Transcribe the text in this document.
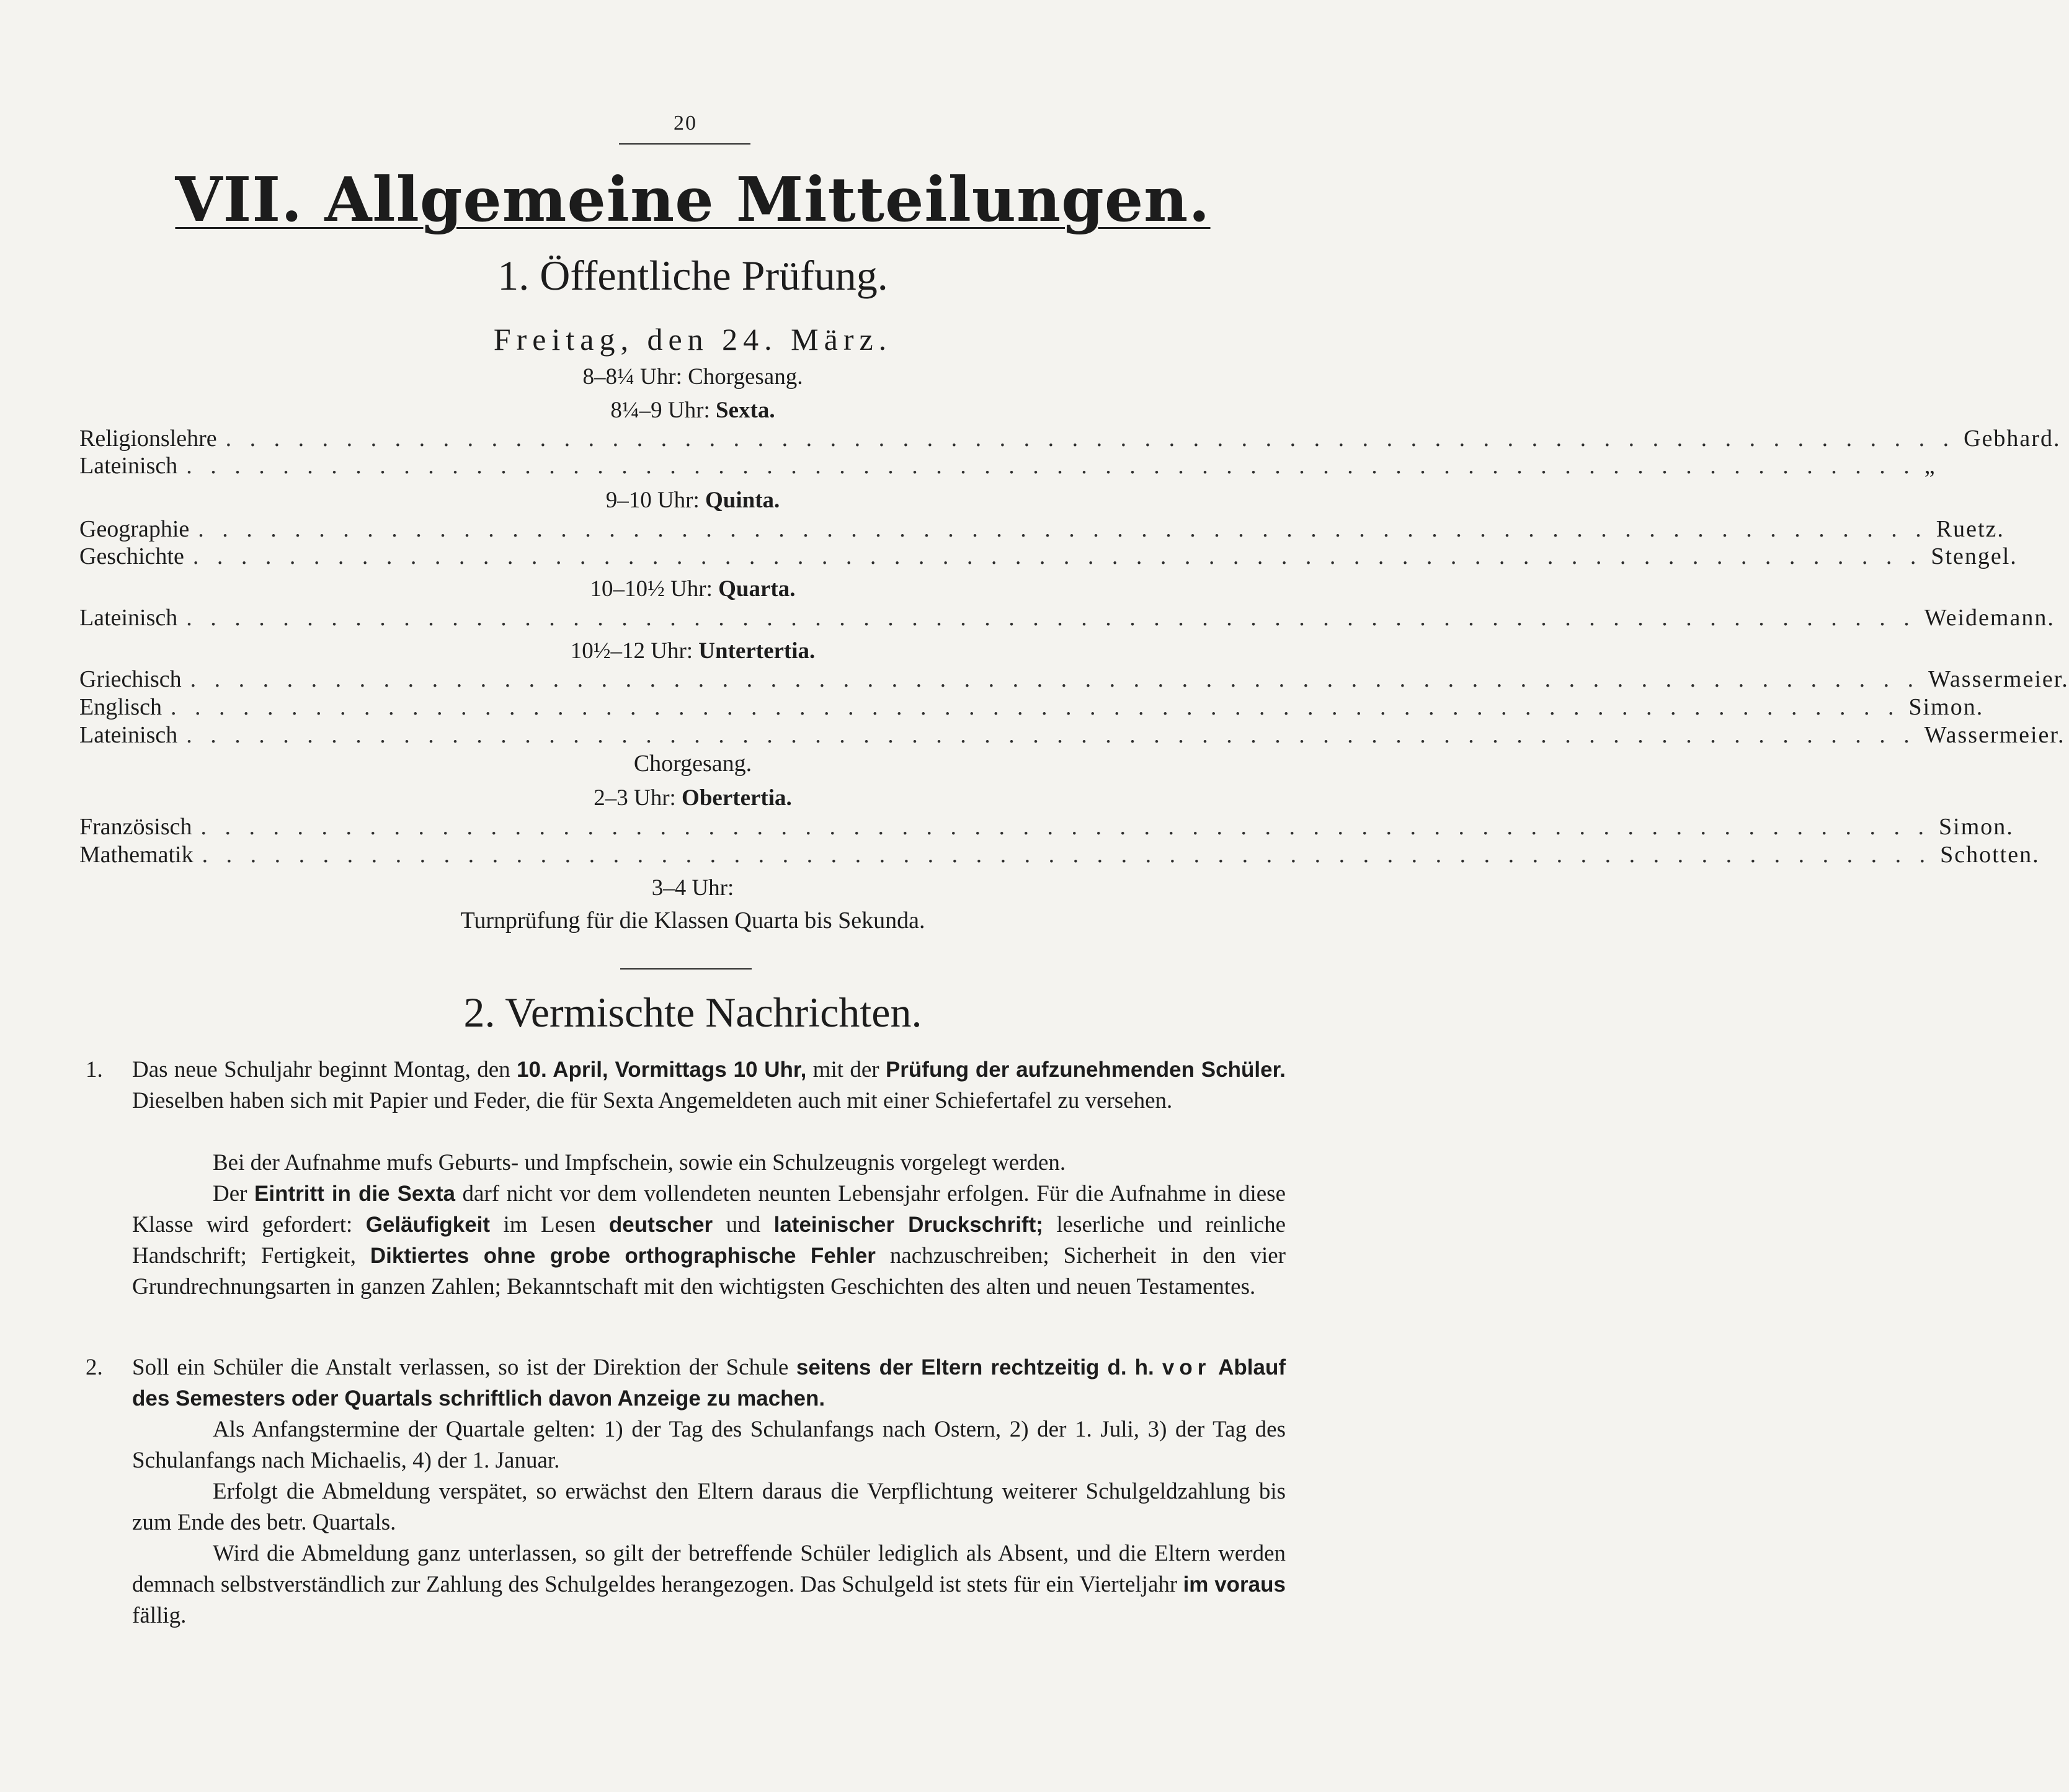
20
VII. Allgemeine Mitteilungen.
1. Öffentliche Prüfung.
Freitag, den 24. März.
8–8¼ Uhr: Chorgesang.
8¼–9 Uhr: Sexta.
Religionslehre . . . . . . . . . . . . . . . . . . . . . . . . . . . . . . . . . . . . . . . . . . . . . . . . . . . . . . . . . . . . . . . . . . . . . . . . Gebhard.
Lateinisch . . . . . . . . . . . . . . . . . . . . . . . . . . . . . . . . . . . . . . . . . . . . . . . . . . . . . . . . . . . . . . . . . . . . . . . . „
9–10 Uhr: Quinta.
Geographie . . . . . . . . . . . . . . . . . . . . . . . . . . . . . . . . . . . . . . . . . . . . . . . . . . . . . . . . . . . . . . . . . . . . . . . . Ruetz.
Geschichte . . . . . . . . . . . . . . . . . . . . . . . . . . . . . . . . . . . . . . . . . . . . . . . . . . . . . . . . . . . . . . . . . . . . . . . . Stengel.
10–10½ Uhr: Quarta.
Lateinisch . . . . . . . . . . . . . . . . . . . . . . . . . . . . . . . . . . . . . . . . . . . . . . . . . . . . . . . . . . . . . . . . . . . . . . . . Weidemann.
10½–12 Uhr: Untertertia.
Griechisch . . . . . . . . . . . . . . . . . . . . . . . . . . . . . . . . . . . . . . . . . . . . . . . . . . . . . . . . . . . . . . . . . . . . . . . . Wassermeier.
Englisch . . . . . . . . . . . . . . . . . . . . . . . . . . . . . . . . . . . . . . . . . . . . . . . . . . . . . . . . . . . . . . . . . . . . . . . . Simon.
Lateinisch . . . . . . . . . . . . . . . . . . . . . . . . . . . . . . . . . . . . . . . . . . . . . . . . . . . . . . . . . . . . . . . . . . . . . . . . Wassermeier.
Chorgesang.
2–3 Uhr: Obertertia.
Französisch . . . . . . . . . . . . . . . . . . . . . . . . . . . . . . . . . . . . . . . . . . . . . . . . . . . . . . . . . . . . . . . . . . . . . . . . Simon.
Mathematik . . . . . . . . . . . . . . . . . . . . . . . . . . . . . . . . . . . . . . . . . . . . . . . . . . . . . . . . . . . . . . . . . . . . . . . . Schotten.
3–4 Uhr:
Turnprüfung für die Klassen Quarta bis Sekunda.
2. Vermischte Nachrichten.
1. Das neue Schuljahr beginnt Montag, den 10. April, Vormittags 10 Uhr, mit der Prüfung der aufzunehmenden Schüler. Dieselben haben sich mit Papier und Feder, die für Sexta Angemeldeten auch mit einer Schiefertafel zu versehen.
Bei der Aufnahme mufs Geburts- und Impfschein, sowie ein Schulzeugnis vorgelegt werden.
Der Eintritt in die Sexta darf nicht vor dem vollendeten neunten Lebensjahr erfolgen. Für die Aufnahme in diese Klasse wird gefordert: Geläufigkeit im Lesen deutscher und lateinischer Druckschrift; leserliche und reinliche Handschrift; Fertigkeit, Diktiertes ohne grobe orthographische Fehler nachzuschreiben; Sicherheit in den vier Grundrechnungsarten in ganzen Zahlen; Bekanntschaft mit den wichtigsten Geschichten des alten und neuen Testamentes.
2. Soll ein Schüler die Anstalt verlassen, so ist der Direktion der Schule seitens der Eltern rechtzeitig d. h. vor Ablauf des Semesters oder Quartals schriftlich davon Anzeige zu machen.
Als Anfangstermine der Quartale gelten: 1) der Tag des Schulanfangs nach Ostern, 2) der 1. Juli, 3) der Tag des Schulanfangs nach Michaelis, 4) der 1. Januar.
Erfolgt die Abmeldung verspätet, so erwächst den Eltern daraus die Verpflichtung weiterer Schulgeldzahlung bis zum Ende des betr. Quartals.
Wird die Abmeldung ganz unterlassen, so gilt der betreffende Schüler lediglich als Absent, und die Eltern werden demnach selbstverständlich zur Zahlung des Schulgeldes herangezogen. Das Schulgeld ist stets für ein Vierteljahr im voraus fällig.
